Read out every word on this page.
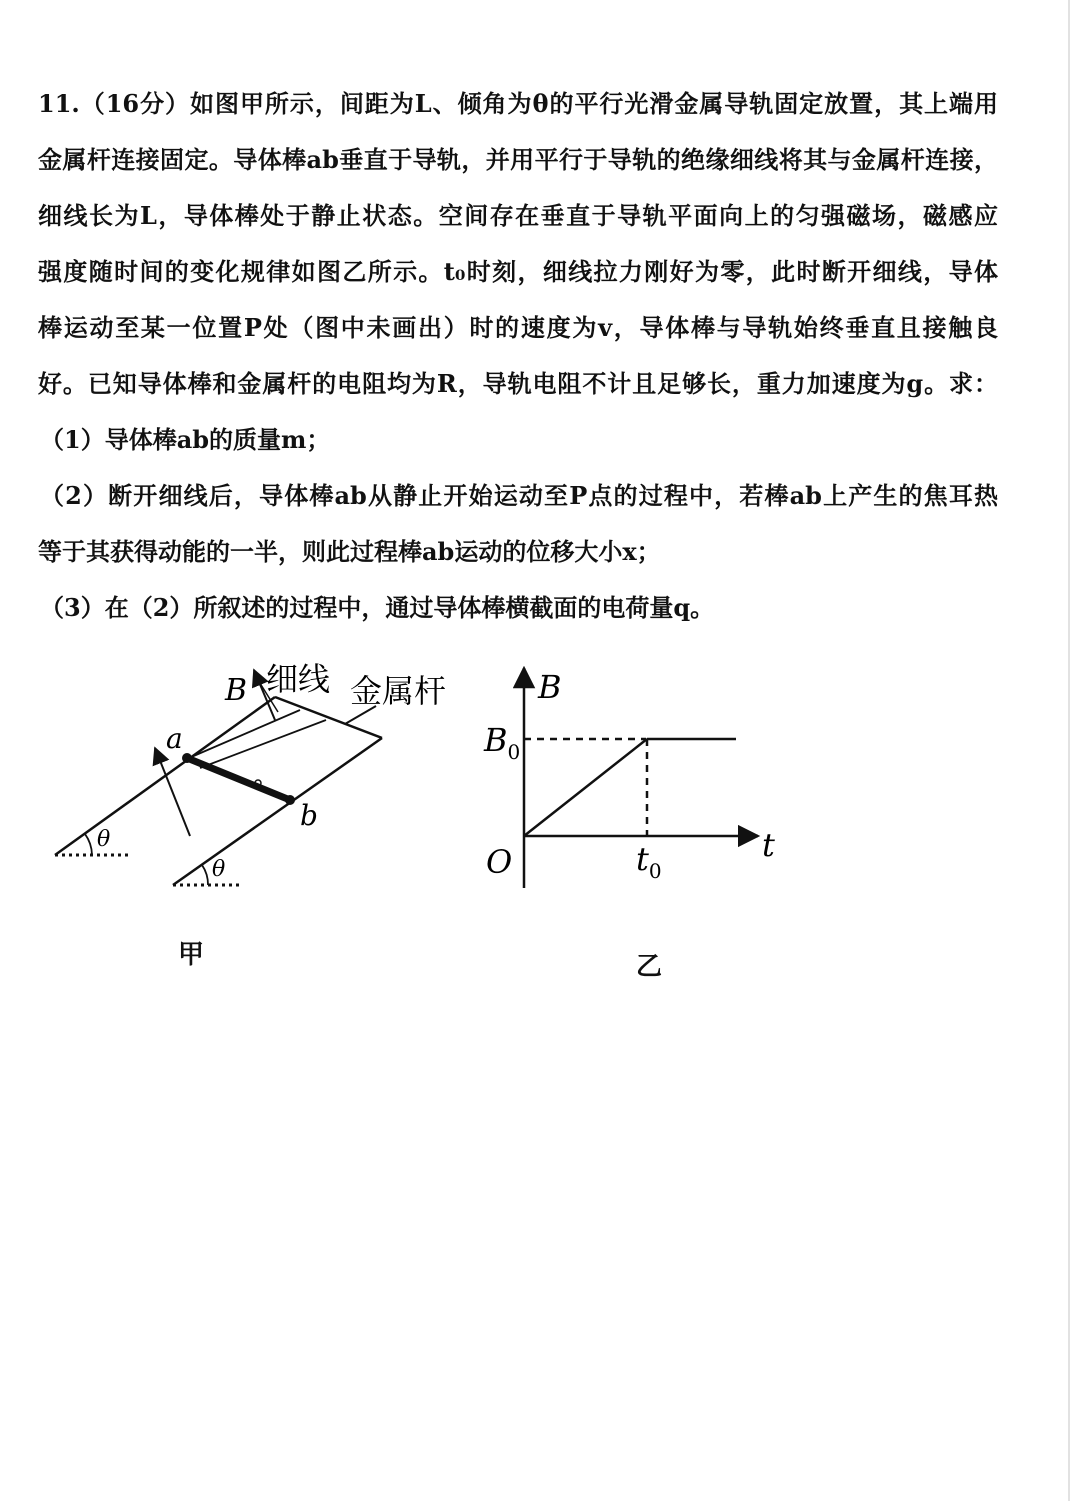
11.（16分）如图甲所示，间距为L、倾角为θ的平行光滑金属导轨固定放置，其上端用
金属杆连接固定。导体棒ab垂直于导轨，并用平行于导轨的绝缘细线将其与金属杆连接，
细线长为L，导体棒处于静止状态。空间存在垂直于导轨平面向上的匀强磁场，磁感应
强度随时间的变化规律如图乙所示。t₀时刻，细线拉力刚好为零，此时断开细线，导体
棒运动至某一位置P处（图中未画出）时的速度为v，导体棒与导轨始终垂直且接触良
好。已知导体棒和金属杆的电阻均为R，导轨电阻不计且足够长，重力加速度为g。求：
（1）导体棒ab的质量m；
（2）断开细线后，导体棒ab从静止开始运动至P点的过程中，若棒ab上产生的焦耳热
等于其获得动能的一半，则此过程棒ab运动的位移大小x；
（3）在（2）所叙述的过程中，通过导体棒横截面的电荷量q。
B 细线 金属杆
a
b
θ
θ
B
t
O
$B_0$
$t_0$
甲	乙
